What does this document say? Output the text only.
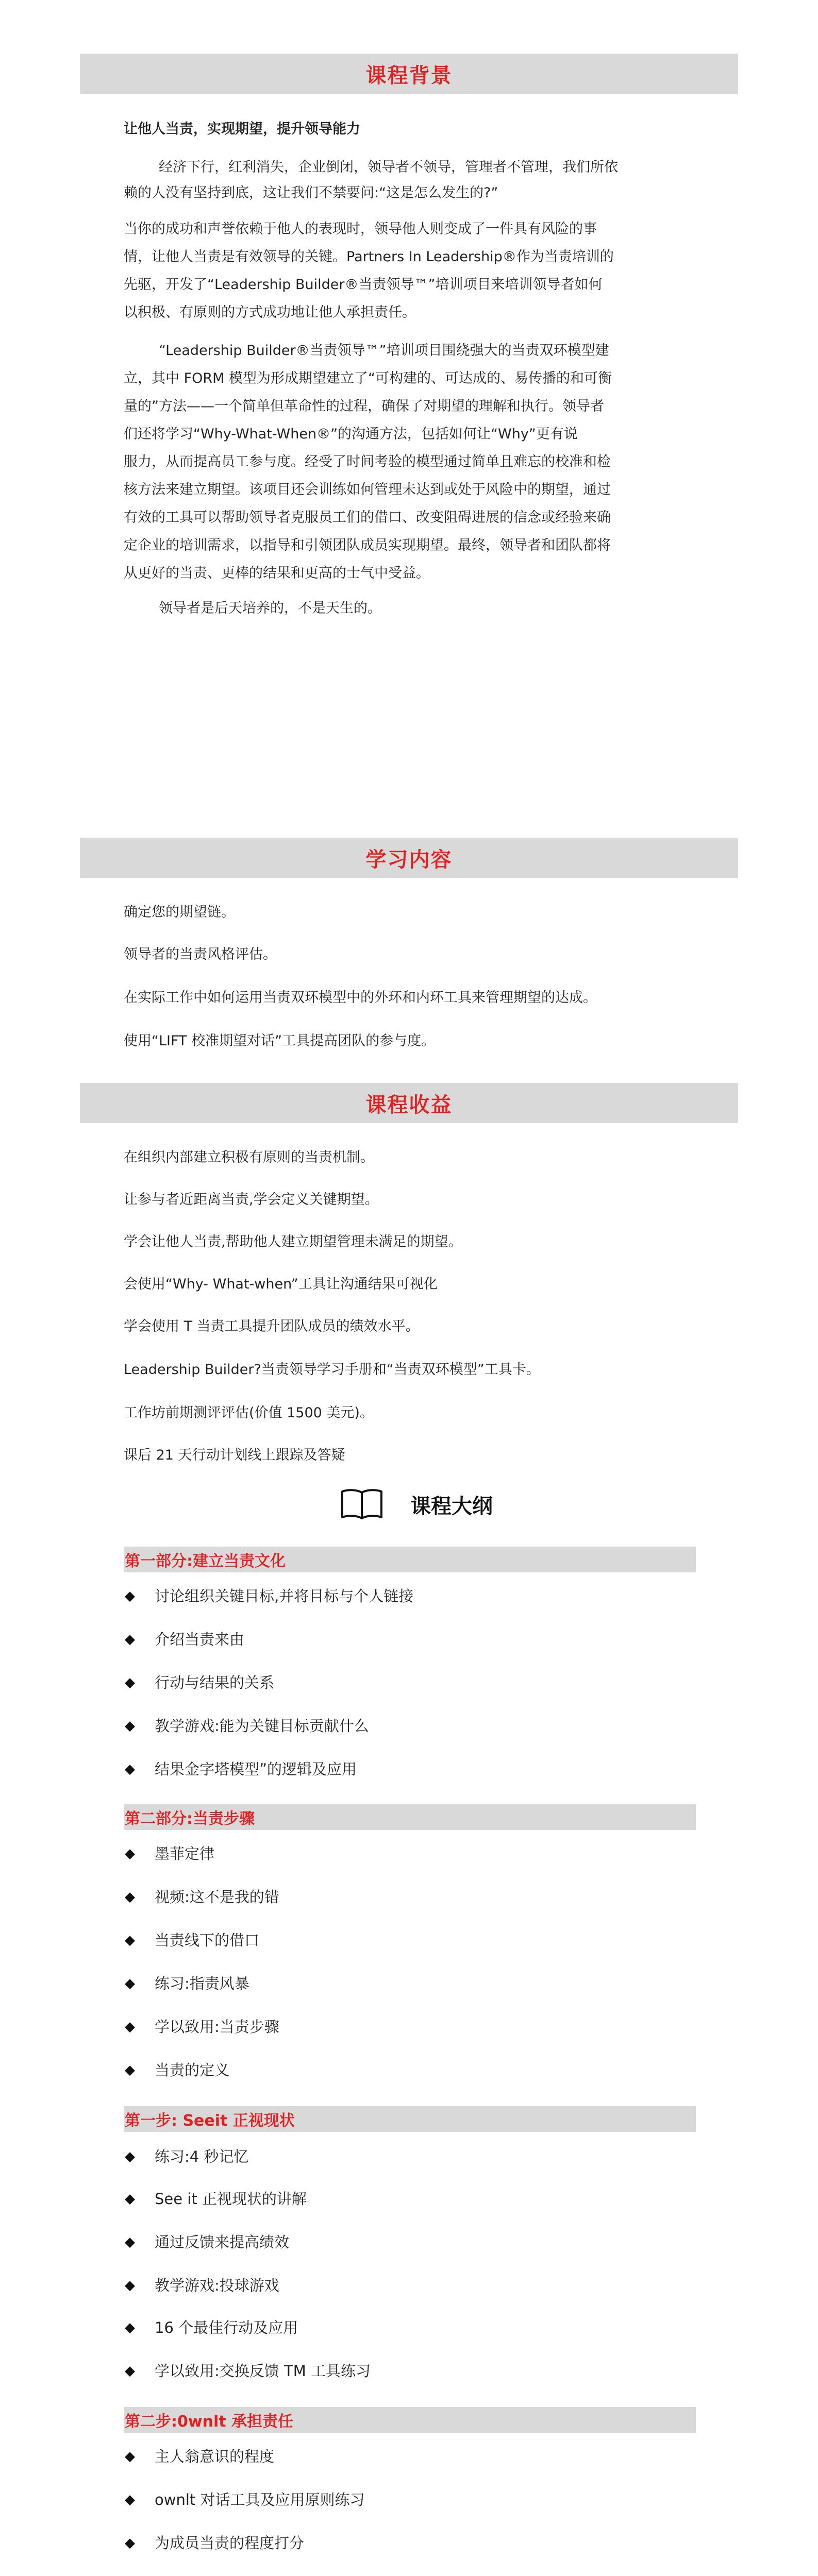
课程背景
让他人当责，实现期望，提升领导能力
经济下行，红利消失，企业倒闭，领导者不领导，管理者不管理，我们所依
赖的人没有坚持到底，这让我们不禁要问:“这是怎么发生的?”
当你的成功和声誉依赖于他人的表现时，领导他人则变成了一件具有风险的事
情，让他人当责是有效领导的关键。Partners In Leadership®作为当责培训的
先驱，开发了“Leadership Builder®当责领导™”培训项目来培训领导者如何
以积极、有原则的方式成功地让他人承担责任。
“Leadership Builder®当责领导™”培训项目围绕强大的当责双环模型建
立，其中 FORM 模型为形成期望建立了“可构建的、可达成的、易传播的和可衡
量的”方法——一个简单但革命性的过程，确保了对期望的理解和执行。领导者
们还将学习“Why-What-When®”的沟通方法，包括如何让“Why”更有说
服力，从而提高员工参与度。经受了时间考验的模型通过简单且难忘的校准和检
核方法来建立期望。该项目还会训练如何管理未达到或处于风险中的期望，通过
有效的工具可以帮助领导者克服员工们的借口、改变阻碍进展的信念或经验来确
定企业的培训需求，以指导和引领团队成员实现期望。最终，领导者和团队都将
从更好的当责、更棒的结果和更高的士气中受益。
领导者是后天培养的，不是天生的。
学习内容
确定您的期望链。
领导者的当责风格评估。
在实际工作中如何运用当责双环模型中的外环和内环工具来管理期望的达成。
使用“LIFT 校准期望对话”工具提高团队的参与度。
课程收益
在组织内部建立积极有原则的当责机制。
让参与者近距离当责,学会定义关键期望。
学会让他人当责,帮助他人建立期望管理未满足的期望。
会使用“Why- What-when”工具让沟通结果可视化
学会使用 T 当责工具提升团队成员的绩效水平。
Leadership Builder?当责领导学习手册和“当责双环模型”工具卡。
工作坊前期测评评估(价值 1500 美元)。
课后 21 天行动计划线上跟踪及答疑
课程大纲
第一部分:建立当责文化
◆	讨论组织关键目标,并将目标与个人链接
◆	介绍当责来由
◆	行动与结果的关系
◆	教学游戏:能为关键目标贡献什么
◆	结果金字塔模型”的逻辑及应用
第二部分:当责步骤
◆	墨菲定律
◆	视频:这不是我的错
◆	当责线下的借口
◆	练习:指责风暴
◆	学以致用:当责步骤
◆	当责的定义
第一步: Seeit 正视现状
◆	练习:4 秒记忆
◆	See it 正视现状的讲解
◆	通过反馈来提高绩效
◆	教学游戏:投球游戏
◆	16 个最佳行动及应用
◆	学以致用:交换反馈 TM 工具练习
第二步:0wnlt 承担责任
◆	主人翁意识的程度
◆	ownlt 对话工具及应用原则练习
◆	为成员当责的程度打分
